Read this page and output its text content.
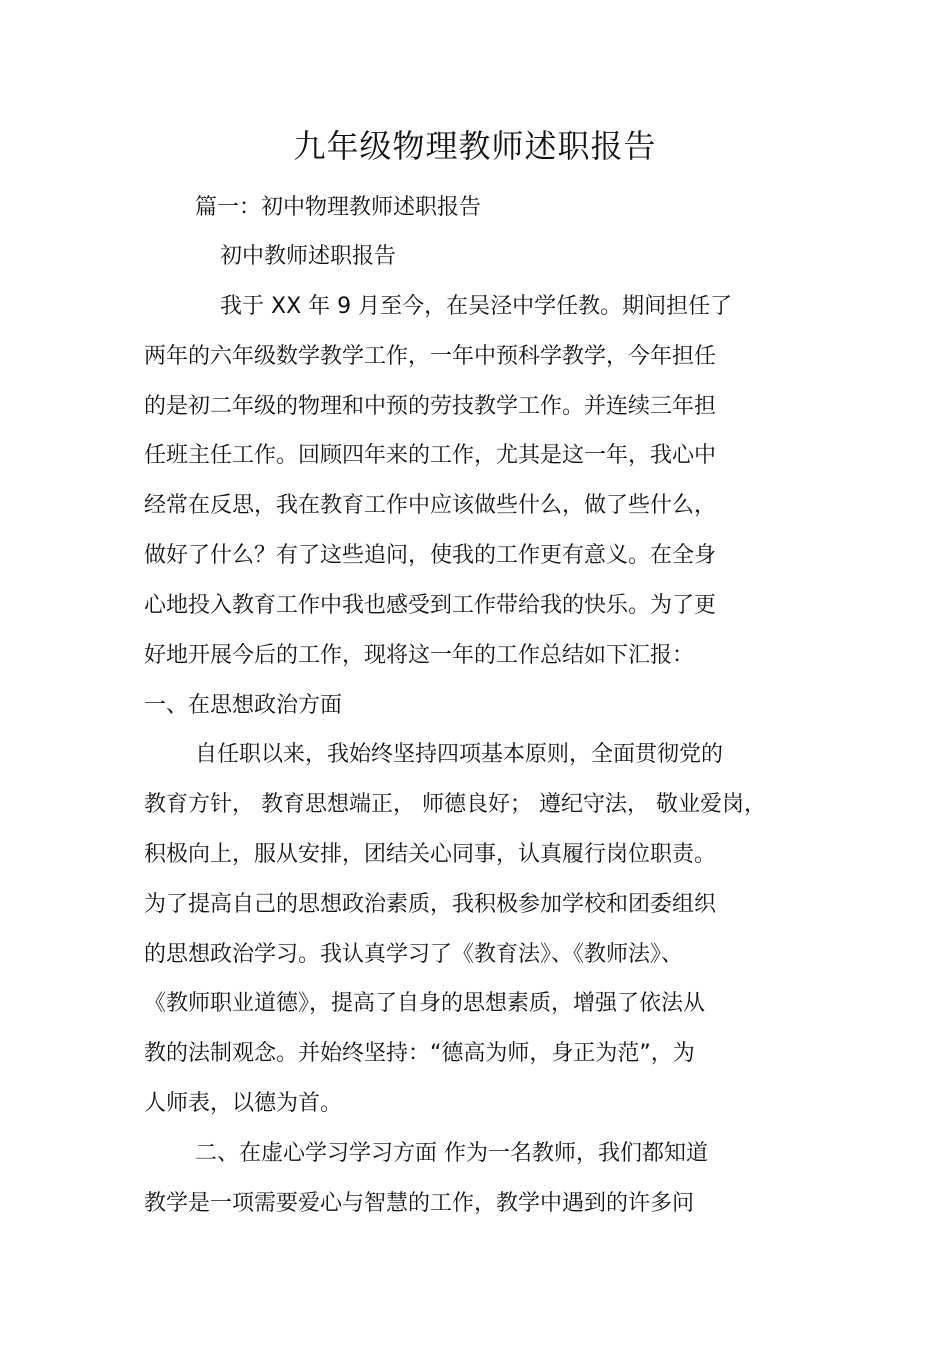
九年级物理教师述职报告
篇一：初中物理教师述职报告
初中教师述职报告
我于 XX 年 9 月至今，在吴泾中学任教。期间担任了
两年的六年级数学教学工作，一年中预科学教学，今年担任
的是初二年级的物理和中预的劳技教学工作。并连续三年担
任班主任工作。回顾四年来的工作，尤其是这一年，我心中
经常在反思，我在教育工作中应该做些什么，做了些什么，
做好了什么？有了这些追问，使我的工作更有意义。在全身
心地投入教育工作中我也感受到工作带给我的快乐。为了更
好地开展今后的工作，现将这一年的工作总结如下汇报：
一、在思想政治方面
自任职以来，我始终坚持四项基本原则，全面贯彻党的
教育方针， 教育思想端正， 师德良好； 遵纪守法， 敬业爱岗，
积极向上，服从安排，团结关心同事，认真履行岗位职责。
为了提高自己的思想政治素质，我积极参加学校和团委组织
的思想政治学习。我认真学习了《教育法》、《教师法》、
《教师职业道德》，提高了自身的思想素质，增强了依法从
教的法制观念。并始终坚持：“德高为师，身正为范”，为
人师表，以德为首。
二、在虚心学习学习方面 作为一名教师，我们都知道
教学是一项需要爱心与智慧的工作，教学中遇到的许多问
